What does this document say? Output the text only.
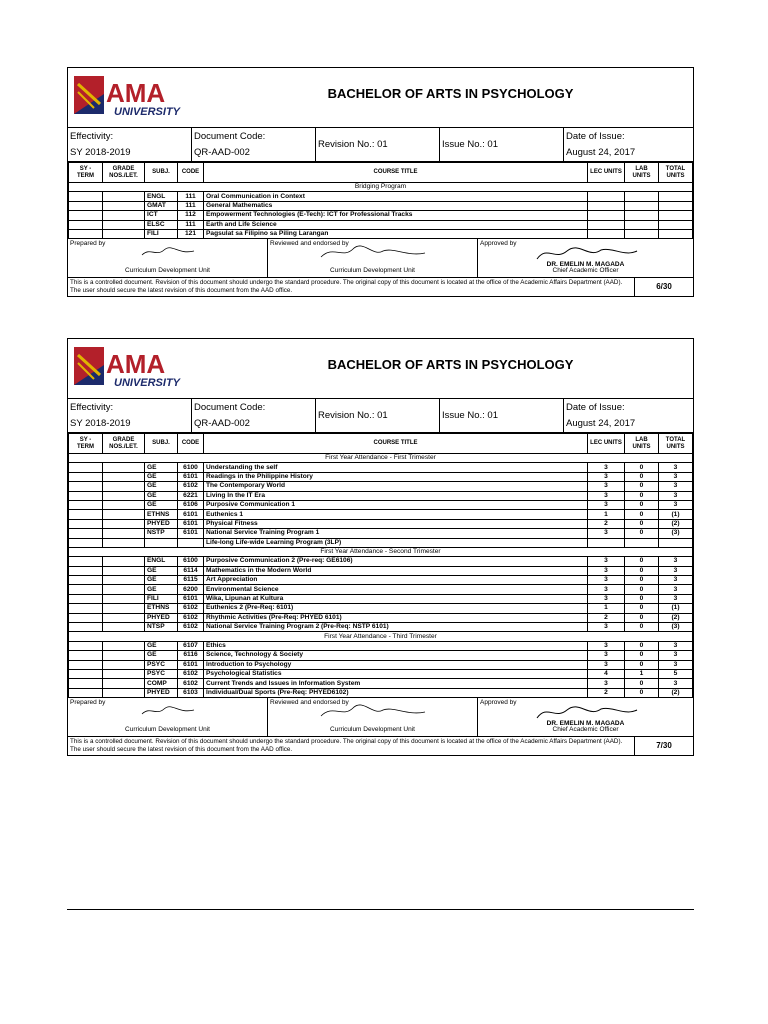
AMA
UNIVERSITY
BACHELOR OF ARTS IN PSYCHOLOGY
Effectivity:
SY 2018-2019
Document Code:
QR-AAD-002
Revision No.: 01	Issue No.: 01
Date of Issue:
August 24, 2017
SY - TERM	GRADE NOS./LET.	SUBJ.	CODE	COURSE TITLE	LEC UNITS	LAB UNITS	TOTAL UNITS
Bridging Program							
		ENGL	111	Oral Communication in Context			
		GMAT	111	General Mathematics			
		ICT	112	Empowerment Technologies (E-Tech): ICT for Professional Tracks			
		ELSC	111	Earth and Life Science			
		FILI	121	Pagsulat sa Filipino sa Piling Larangan			
Prepared by
Curriculum Development Unit
Reviewed and endorsed by
Curriculum Development Unit
Approved by
DR. EMELIN M. MAGADA
Chief Academic Officer
This is a controlled document. Revision of this document should undergo the standard procedure. The original copy of this document is located at the office of the Academic Affairs Department (AAD). The user should secure the latest revision of this document from the AAD office.	6/30
AMA
UNIVERSITY
BACHELOR OF ARTS IN PSYCHOLOGY
Effectivity:
SY 2018-2019
Document Code:
QR-AAD-002
Revision No.: 01	Issue No.: 01
Date of Issue:
August 24, 2017
SY - TERM	GRADE NOS./LET.	SUBJ.	CODE	COURSE TITLE	LEC UNITS	LAB UNITS	TOTAL UNITS
First Year Attendance - First Trimester							
		GE	6100	Understanding the self	3	0	3
		GE	6101	Readings in the Philippine History	3	0	3
		GE	6102	The Contemporary World	3	0	3
		GE	6221	Living In the IT Era	3	0	3
		GE	6106	Purposive Communication 1	3	0	3
		ETHNS	6101	Euthenics 1	1	0	(1)
		PHYED	6101	Physical Fitness	2	0	(2)
		NSTP	6101	National Service Training Program 1	3	0	(3)
				Life-long Life-wide Learning Program (3LP)			
First Year Attendance - Second Trimester							
		ENGL	6100	Purposive Communication 2 (Pre-req: GE6106)	3	0	3
		GE	6114	Mathematics in the Modern World	3	0	3
		GE	6115	Art Appreciation	3	0	3
		GE	6200	Environmental Science	3	0	3
		FILI	6101	Wika, Lipunan at Kultura	3	0	3
		ETHNS	6102	Euthenics 2 (Pre-Req: 6101)	1	0	(1)
		PHYED	6102	Rhythmic Activities (Pre-Req: PHYED 6101)	2	0	(2)
		NTSP	6102	National Service Training Program 2 (Pre-Req: NSTP 6101)	3	0	(3)
First Year Attendance - Third Trimester							
		GE	6107	Ethics	3	0	3
		GE	6116	Science, Technology & Society	3	0	3
		PSYC	6101	Introduction to Psychology	3	0	3
		PSYC	6102	Psychological Statistics	4	1	5
		COMP	6102	Current Trends and Issues in Information System	3	0	3
		PHYED	6103	Individual/Dual Sports (Pre-Req: PHYED6102)	2	0	(2)
Prepared by
Curriculum Development Unit
Reviewed and endorsed by
Curriculum Development Unit
Approved by
DR. EMELIN M. MAGADA
Chief Academic Officer
This is a controlled document. Revision of this document should undergo the standard procedure. The original copy of this document is located at the office of the Academic Affairs Department (AAD). The user should secure the latest revision of this document from the AAD office.	7/30
